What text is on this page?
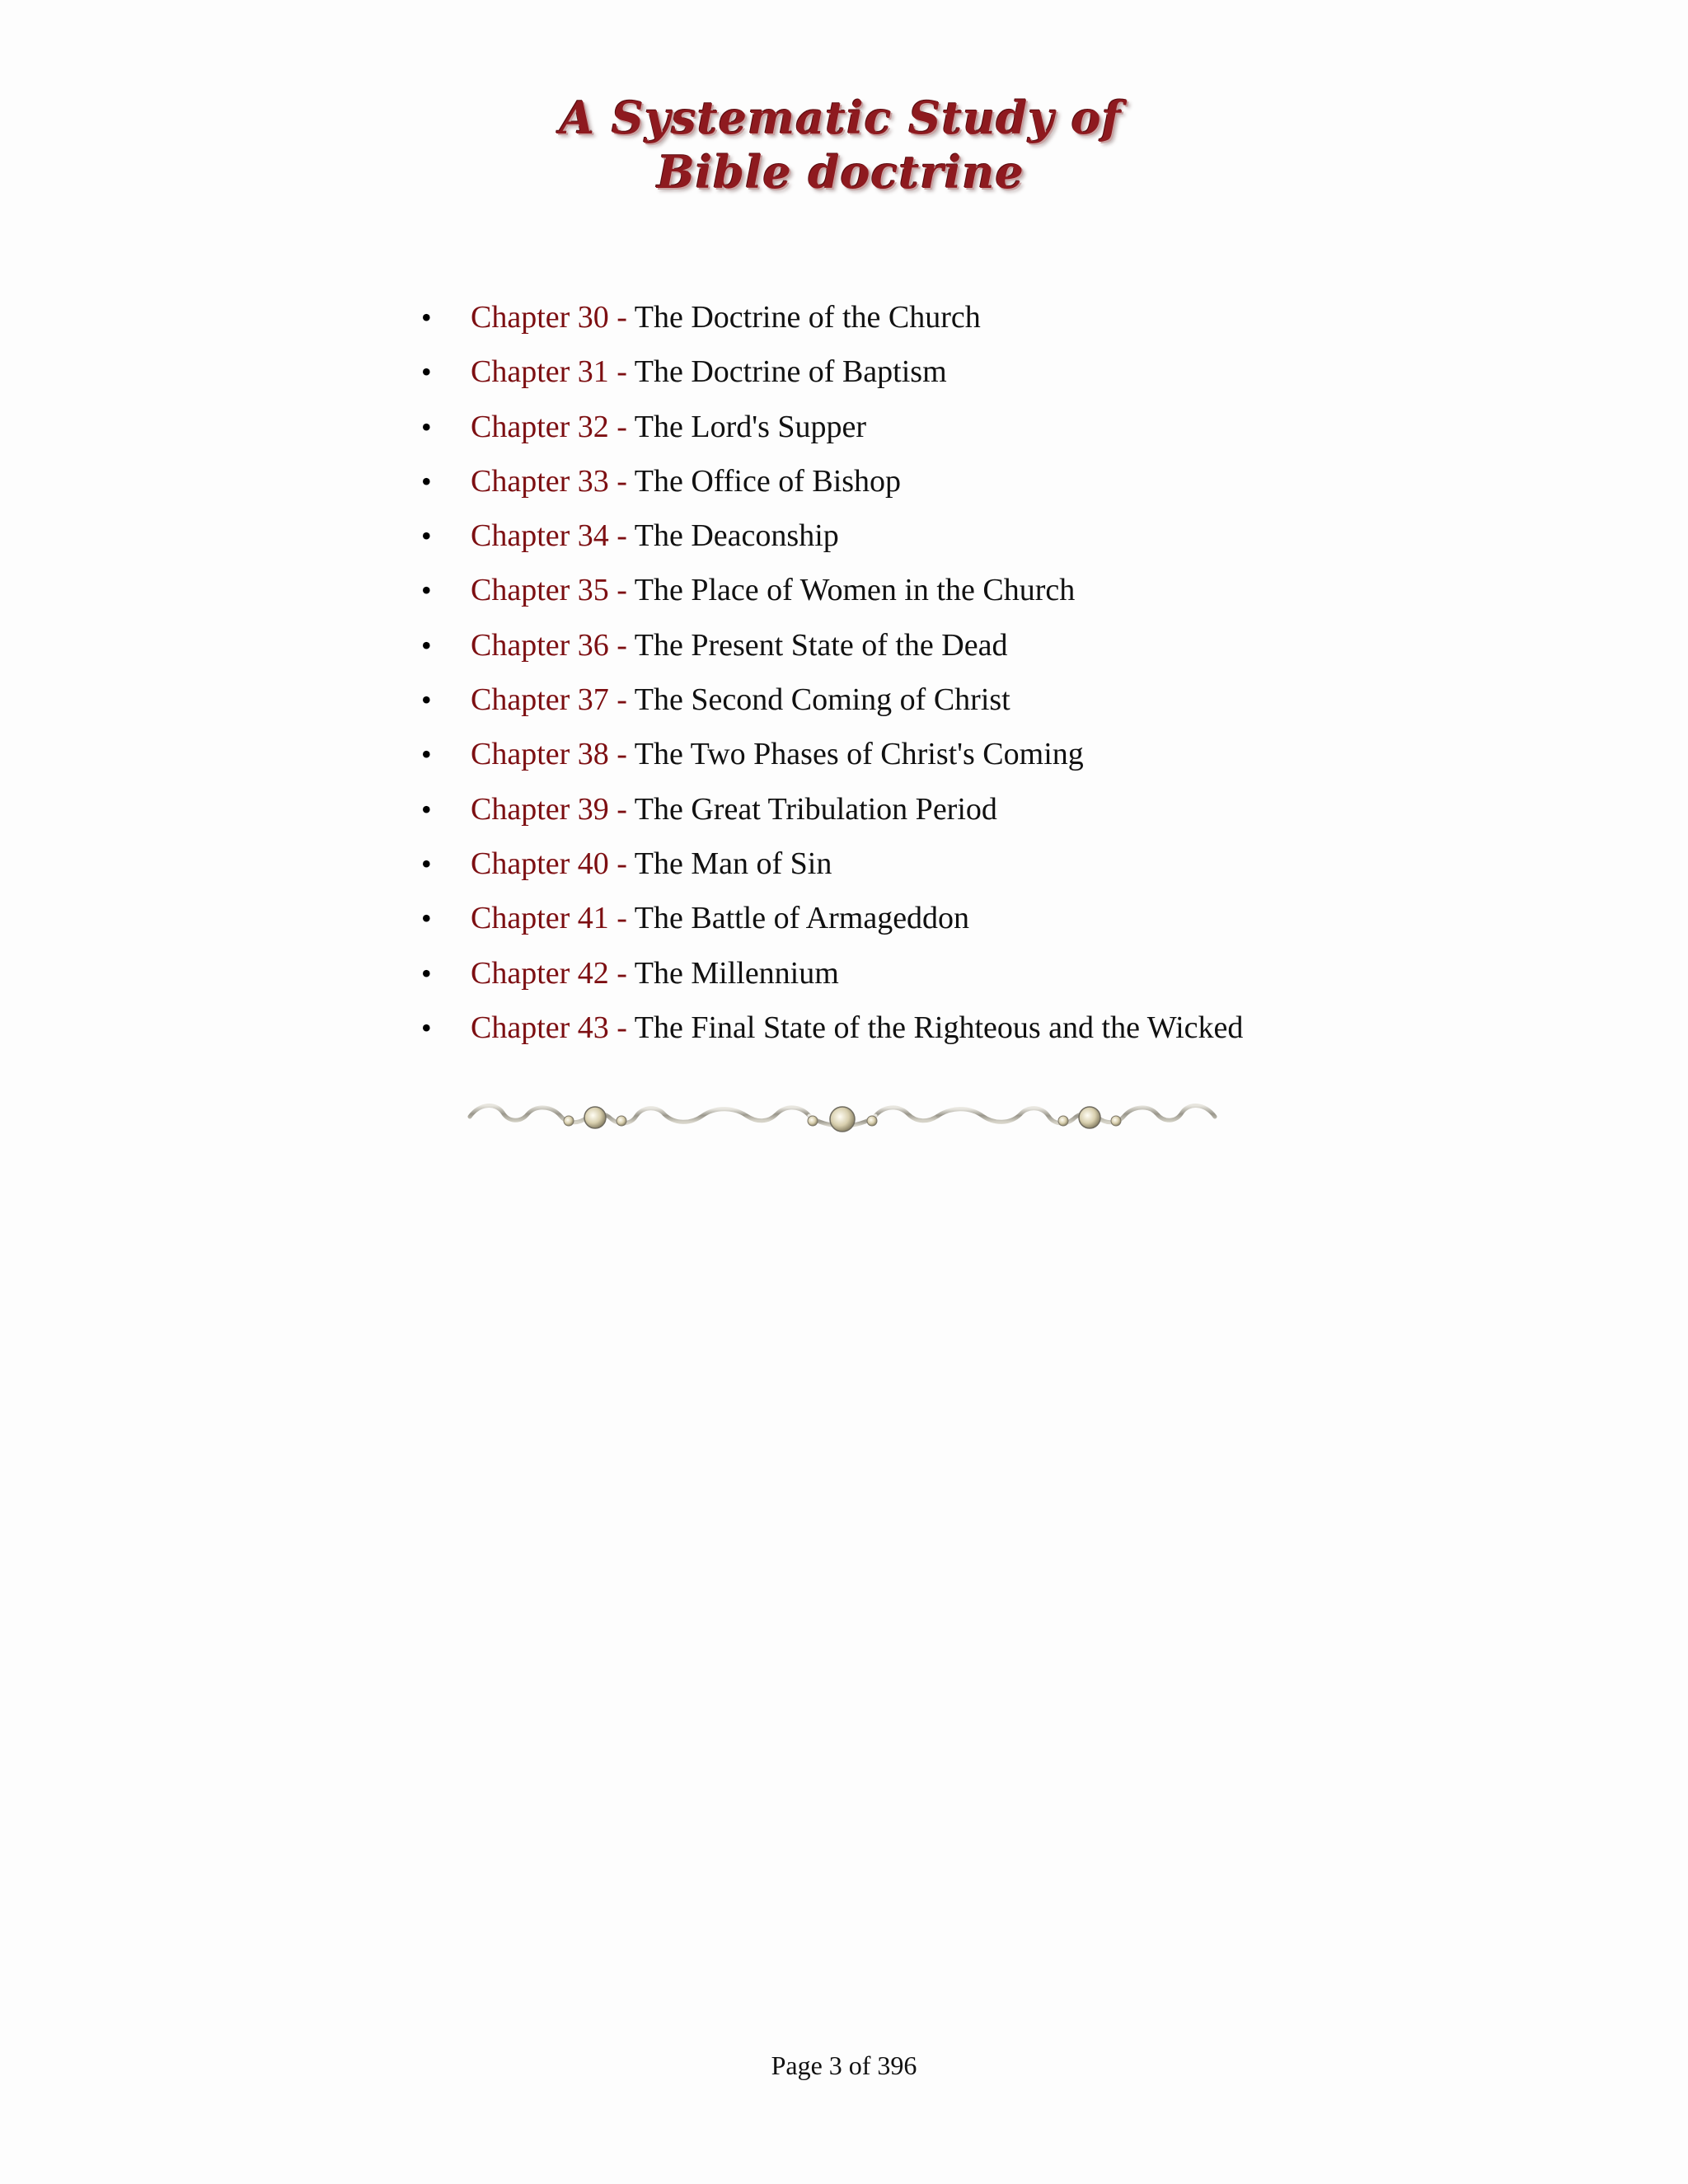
A Systematic Study of
Bible doctrine
• Chapter 30 - The Doctrine of the Church
• Chapter 31 - The Doctrine of Baptism
• Chapter 32 - The Lord's Supper
• Chapter 33 - The Office of Bishop
• Chapter 34 - The Deaconship
• Chapter 35 - The Place of Women in the Church
• Chapter 36 - The Present State of the Dead
• Chapter 37 - The Second Coming of Christ
• Chapter 38 - The Two Phases of Christ's Coming
• Chapter 39 - The Great Tribulation Period
• Chapter 40 - The Man of Sin
• Chapter 41 - The Battle of Armageddon
• Chapter 42 - The Millennium
• Chapter 43 - The Final State of the Righteous and the Wicked
Page 3 of 396
